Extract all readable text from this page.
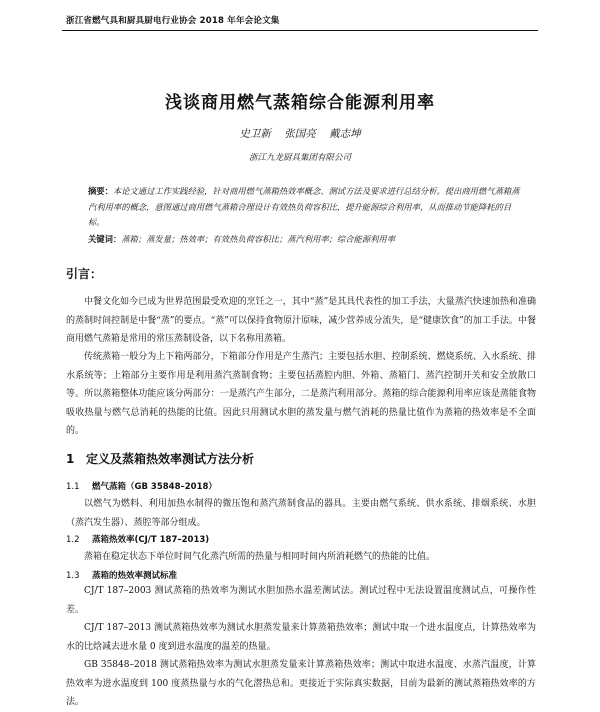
浙江省燃气具和厨具厨电行业协会 2018 年年会论文集
浅谈商用燃气蒸箱综合能源利用率
史卫新 张国亮 戴志坤
浙江九龙厨具集团有限公司
摘要：本论文通过工作实践经验，针对商用燃气蒸箱热效率概念、测试方法及要求进行总结分析。提出商用燃气蒸箱蒸汽利用率的概念，意图通过商用燃气蒸箱合理设计有效热负荷容积比，提升能源综合利用率，从而推动节能降耗的目标。
关键词：蒸箱；蒸发量；热效率；有效热负荷容积比；蒸汽利用率；综合能源利用率
引言：
中餐文化如今已成为世界范围最受欢迎的烹饪之一，其中“蒸”是其具代表性的加工手法，大量蒸汽快速加热和准确的蒸制时间控制是中餐“蒸”的要点。“蒸”可以保持食物原汁原味，减少营养成分流失，是“健康饮食”的加工手法。中餐商用燃气蒸箱是常用的常压蒸制设备，以下名称用蒸箱。
传统蒸箱一般分为上下箱两部分，下箱部分作用是产生蒸汽；主要包括水胆、控制系统、燃烧系统、入水系统、排水系统等；上箱部分主要作用是利用蒸汽蒸制食物；主要包括蒸腔内胆、外箱、蒸箱门、蒸汽控制开关和安全放散口等。所以蒸箱整体功能应该分两部分：一是蒸汽产生部分，二是蒸汽利用部分。蒸箱的综合能源利用率应该是蒸能食物吸收热量与燃气总消耗的热能的比值。因此只用测试水胆的蒸发量与燃气消耗的热量比值作为蒸箱的热效率是不全面的。
1 定义及蒸箱热效率测试方法分析
1.1 燃气蒸箱（GB 35848–2018）
以燃气为燃料、利用加热水制得的微压饱和蒸汽蒸制食品的器具。主要由燃气系统、供水系统、排烟系统、水胆（蒸汽发生器）、蒸腔等部分组成。
1.2 蒸箱热效率(CJ/T 187–2013)
蒸箱在稳定状态下单位时间气化蒸汽所需的热量与相同时间内所消耗燃气的热能的比值。
1.3 蒸箱的热效率测试标准
CJ/T 187–2003 测试蒸箱的热效率为测试水胆加热水温差测试法。测试过程中无法设置温度测试点，可操作性差。
CJ/T 187–2013 测试蒸箱热效率为测试水胆蒸发量来计算蒸箱热效率；测试中取一个进水温度点，计算热效率为水的比焓减去进水量 0 度到进水温度的温差的热量。
GB 35848–2018 测试蒸箱热效率为测试水胆蒸发量来计算蒸箱热效率；测试中取进水温度、水蒸汽温度，计算热效率为进水温度到 100 度蒸热量与水的气化潜热总和。更接近于实际真实数据，目前为最新的测试蒸箱热效率的方法。
